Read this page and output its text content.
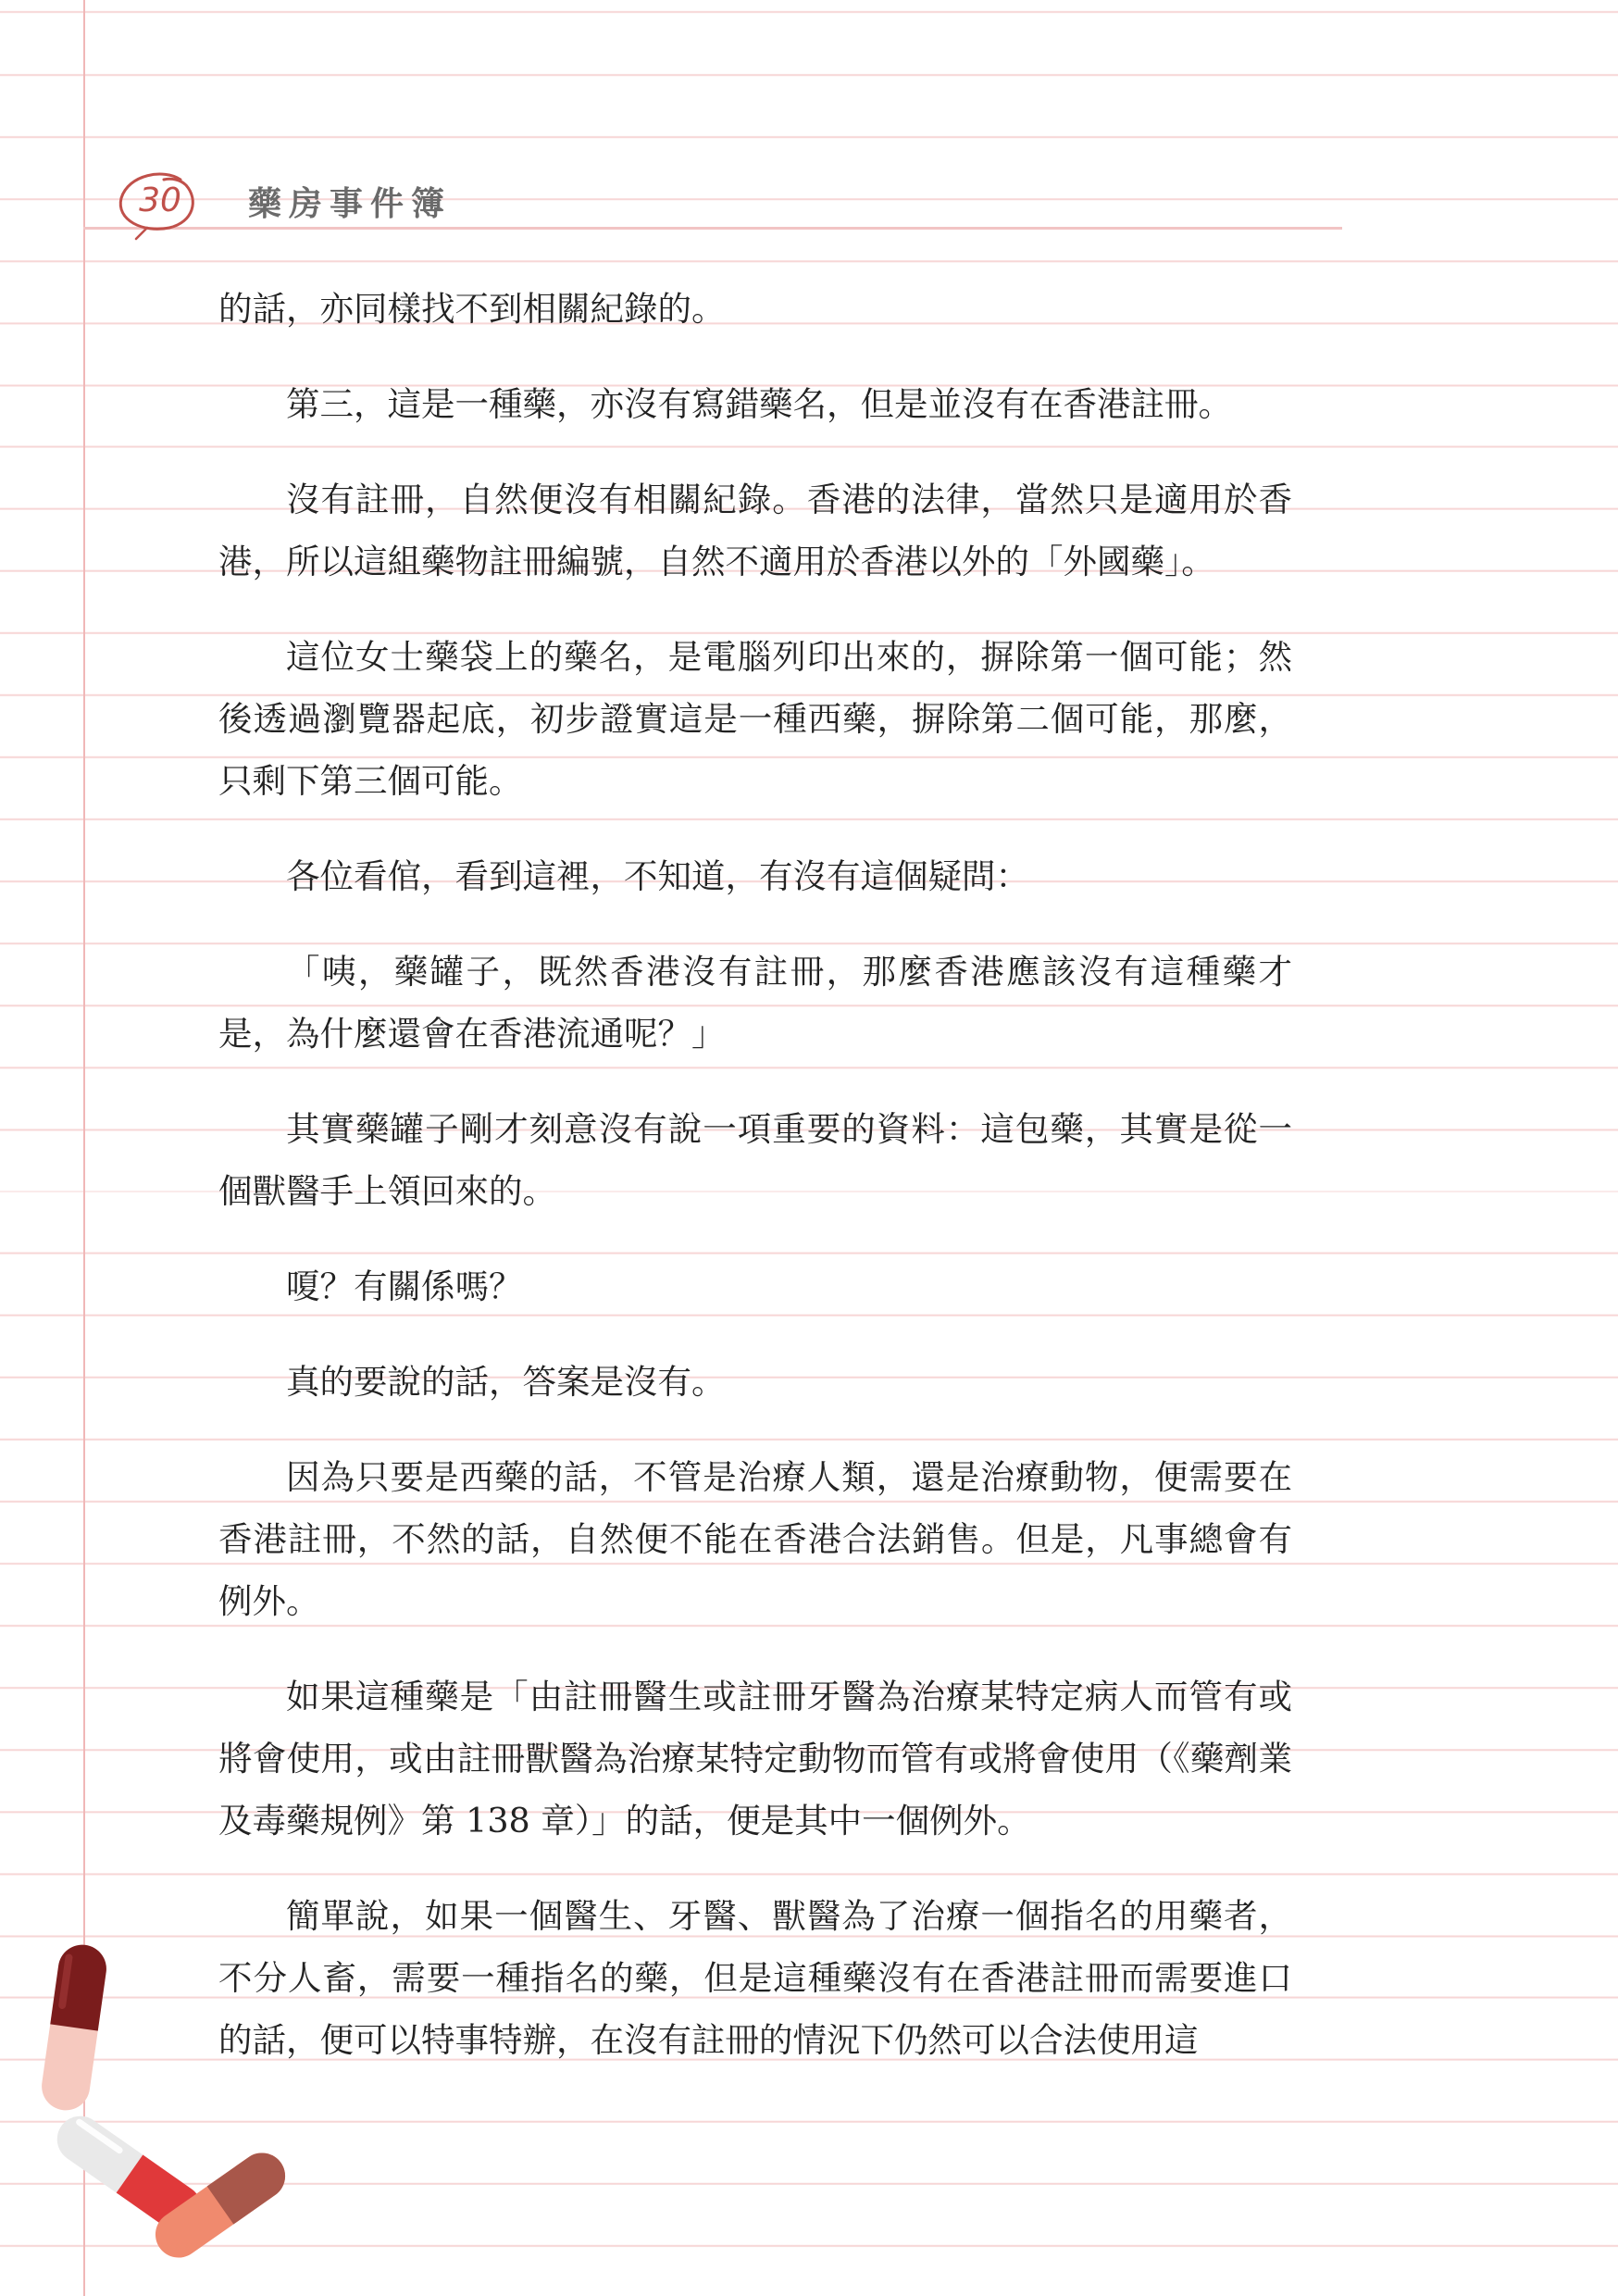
30 藥房事件簿

的話，亦同樣找不到相關紀錄的。

第三，這是一種藥，亦沒有寫錯藥名，但是並沒有在香港註冊。

沒有註冊，自然便沒有相關紀錄。香港的法律，當然只是適用於香港，所以這組藥物註冊編號，自然不適用於香港以外的「外國藥」。

這位女士藥袋上的藥名，是電腦列印出來的，摒除第一個可能；然後透過瀏覽器起底，初步證實這是一種西藥，摒除第二個可能，那麼，只剩下第三個可能。

各位看倌，看到這裡，不知道，有沒有這個疑問：

「咦，藥罐子，既然香港沒有註冊，那麼香港應該沒有這種藥才是，為什麼還會在香港流通呢？」

其實藥罐子剛才刻意沒有說一項重要的資料：這包藥，其實是從一個獸醫手上領回來的。

嗄？有關係嗎？

真的要說的話，答案是沒有。

因為只要是西藥的話，不管是治療人類，還是治療動物，便需要在香港註冊，不然的話，自然便不能在香港合法銷售。但是，凡事總會有例外。

如果這種藥是「由註冊醫生或註冊牙醫為治療某特定病人而管有或將會使用，或由註冊獸醫為治療某特定動物而管有或將會使用（《藥劑業及毒藥規例》第 138 章）」的話，便是其中一個例外。

簡單說，如果一個醫生、牙醫、獸醫為了治療一個指名的用藥者，不分人畜，需要一種指名的藥，但是這種藥沒有在香港註冊而需要進口的話，便可以特事特辦，在沒有註冊的情況下仍然可以合法使用這
